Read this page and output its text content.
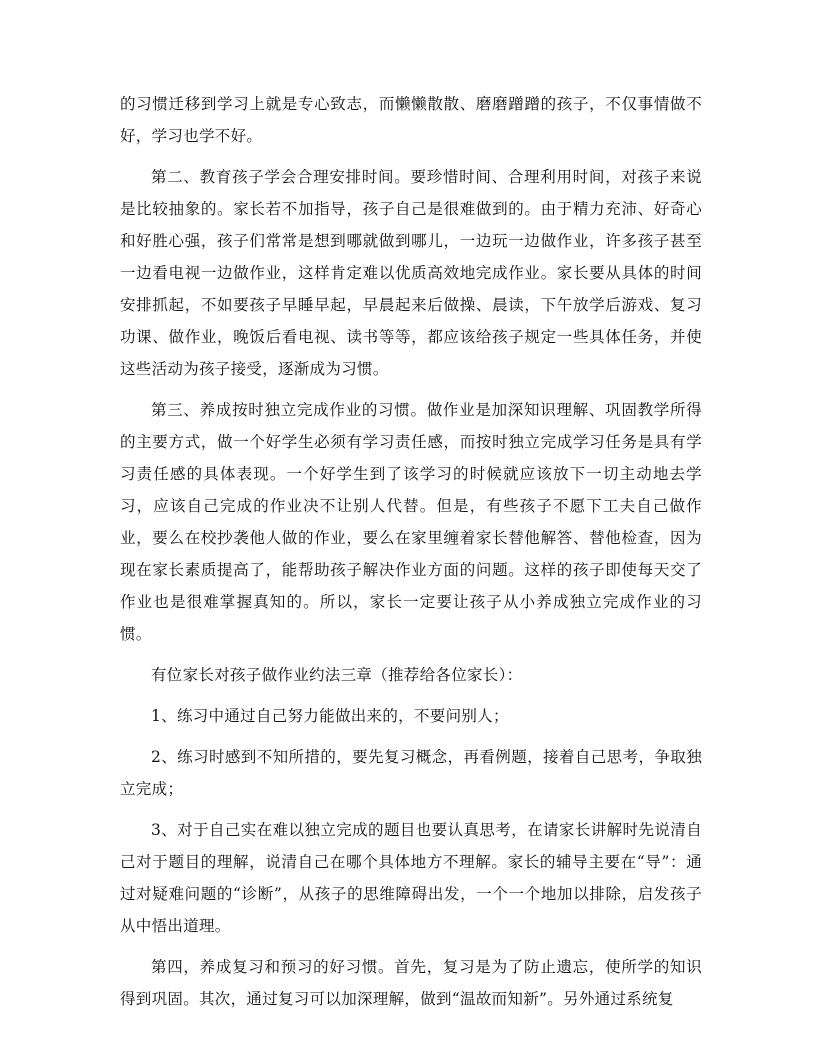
的习惯迁移到学习上就是专心致志，而懒懒散散、磨磨蹭蹭的孩子，不仅事情做不好，学习也学不好。

第二、教育孩子学会合理安排时间。要珍惜时间、合理利用时间，对孩子来说是比较抽象的。家长若不加指导，孩子自己是很难做到的。由于精力充沛、好奇心和好胜心强，孩子们常常是想到哪就做到哪儿，一边玩一边做作业，许多孩子甚至一边看电视一边做作业，这样肯定难以优质高效地完成作业。家长要从具体的时间安排抓起，不如要孩子早睡早起，早晨起来后做操、晨读，下午放学后游戏、复习功课、做作业，晚饭后看电视、读书等等，都应该给孩子规定一些具体任务，并使这些活动为孩子接受，逐渐成为习惯。

第三、养成按时独立完成作业的习惯。做作业是加深知识理解、巩固教学所得的主要方式，做一个好学生必须有学习责任感，而按时独立完成学习任务是具有学习责任感的具体表现。一个好学生到了该学习的时候就应该放下一切主动地去学习，应该自己完成的作业决不让别人代替。但是，有些孩子不愿下工夫自己做作业，要么在校抄袭他人做的作业，要么在家里缠着家长替他解答、替他检查，因为现在家长素质提高了，能帮助孩子解决作业方面的问题。这样的孩子即使每天交了作业也是很难掌握真知的。所以，家长一定要让孩子从小养成独立完成作业的习惯。

有位家长对孩子做作业约法三章（推荐给各位家长）：

1、练习中通过自己努力能做出来的，不要问别人；

2、练习时感到不知所措的，要先复习概念，再看例题，接着自己思考，争取独立完成；

3、对于自己实在难以独立完成的题目也要认真思考，在请家长讲解时先说清自己对于题目的理解，说清自己在哪个具体地方不理解。家长的辅导主要在“导”：通过对疑难问题的“诊断”，从孩子的思维障碍出发，一个一个地加以排除，启发孩子从中悟出道理。

第四，养成复习和预习的好习惯。首先，复习是为了防止遗忘，使所学的知识得到巩固。其次，通过复习可以加深理解，做到“温故而知新”。另外通过系统复
